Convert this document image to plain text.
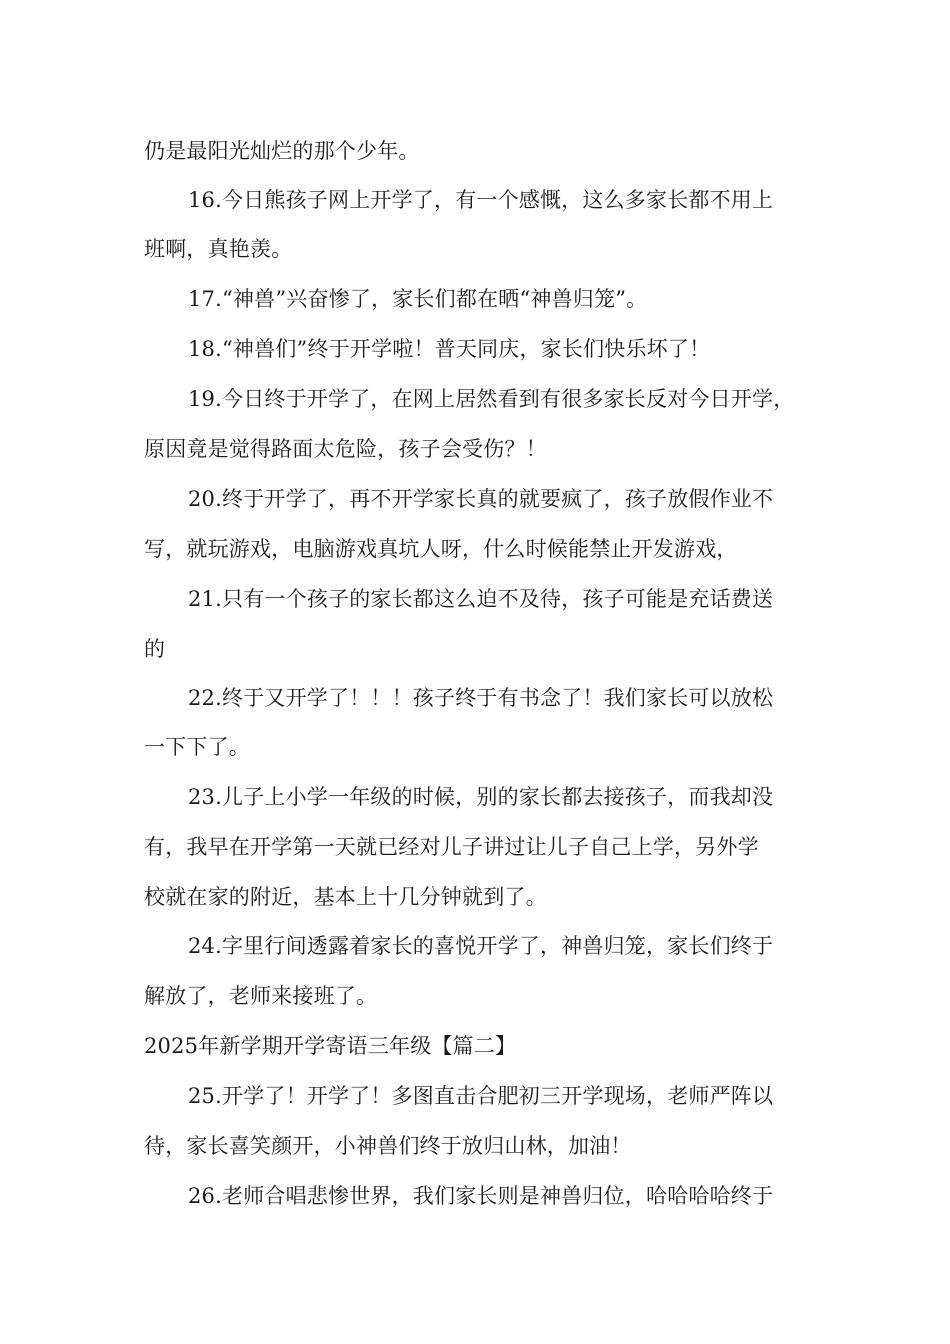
仍是最阳光灿烂的那个少年。
16.今日熊孩子网上开学了，有一个感慨，这么多家长都不用上
班啊，真艳羡。
17.“神兽”兴奋惨了，家长们都在晒“神兽归笼”。
18.“神兽们”终于开学啦！普天同庆，家长们快乐坏了！
19.今日终于开学了，在网上居然看到有很多家长反对今日开学，
原因竟是觉得路面太危险，孩子会受伤？！
20.终于开学了，再不开学家长真的就要疯了，孩子放假作业不
写，就玩游戏，电脑游戏真坑人呀，什么时候能禁止开发游戏，
21.只有一个孩子的家长都这么迫不及待，孩子可能是充话费送
的
22.终于又开学了！！！孩子终于有书念了！我们家长可以放松
一下下了。
23.儿子上小学一年级的时候，别的家长都去接孩子，而我却没
有，我早在开学第一天就已经对儿子讲过让儿子自己上学，另外学
校就在家的附近，基本上十几分钟就到了。
24.字里行间透露着家长的喜悦开学了，神兽归笼，家长们终于
解放了，老师来接班了。
2025年新学期开学寄语三年级【篇二】
25.开学了！开学了！多图直击合肥初三开学现场，老师严阵以
待，家长喜笑颜开，小神兽们终于放归山林，加油！
26.老师合唱悲惨世界，我们家长则是神兽归位，哈哈哈哈终于
